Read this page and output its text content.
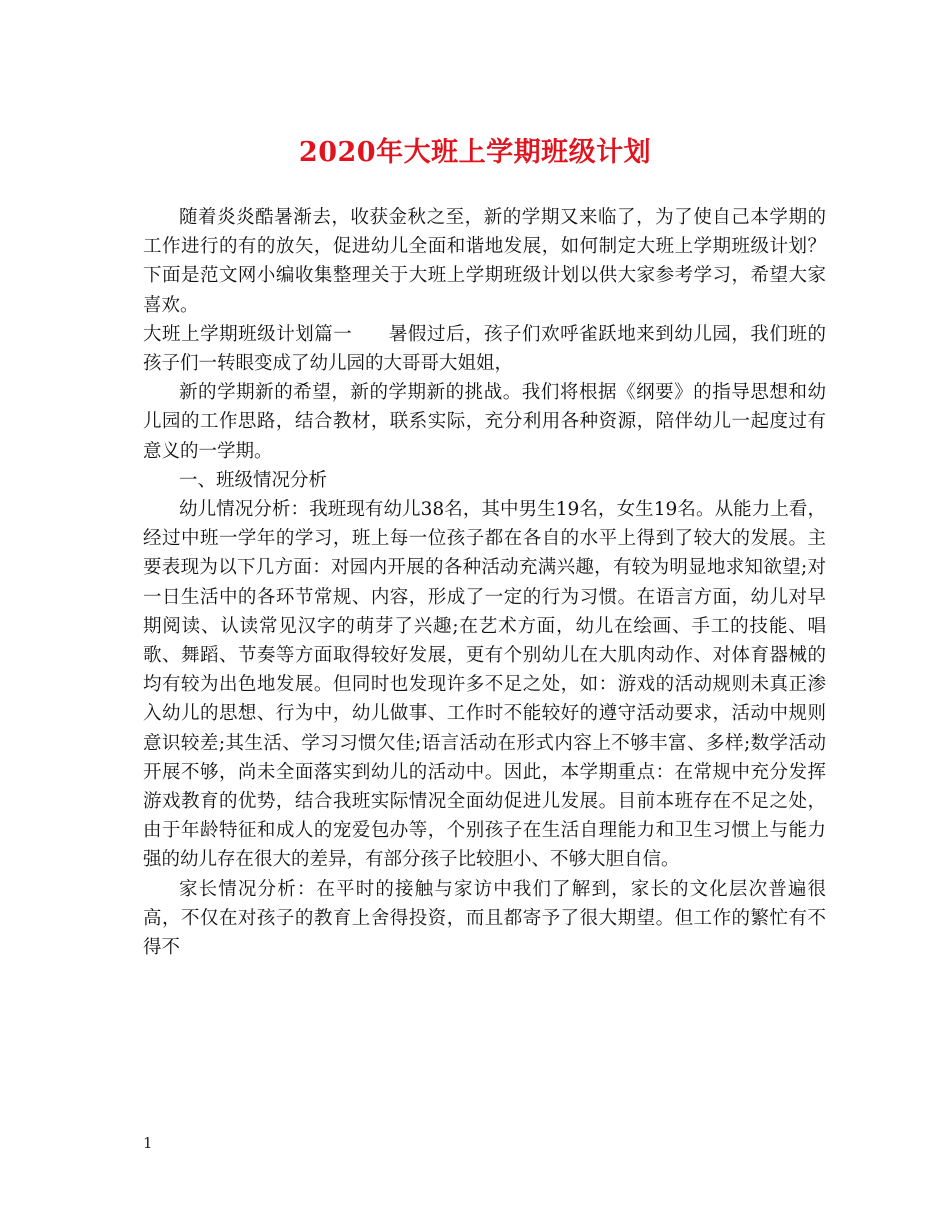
2020年大班上学期班级计划

随着炎炎酷暑渐去，收获金秋之至，新的学期又来临了，为了使自己本学期的工作进行的有的放矢，促进幼儿全面和谐地发展，如何制定大班上学期班级计划？下面是范文网小编收集整理关于大班上学期班级计划以供大家参考学习，希望大家喜欢。

大班上学期班级计划篇一 暑假过后，孩子们欢呼雀跃地来到幼儿园，我们班的孩子们一转眼变成了幼儿园的大哥哥大姐姐，

新的学期新的希望，新的学期新的挑战。我们将根据《纲要》的指导思想和幼儿园的工作思路，结合教材，联系实际，充分利用各种资源，陪伴幼儿一起度过有意义的一学期。

一、班级情况分析

幼儿情况分析：我班现有幼儿38名，其中男生19名，女生19名。从能力上看，经过中班一学年的学习，班上每一位孩子都在各自的水平上得到了较大的发展。主要表现为以下几方面：对园内开展的各种活动充满兴趣，有较为明显地求知欲望;对一日生活中的各环节常规、内容，形成了一定的行为习惯。在语言方面，幼儿对早期阅读、认读常见汉字的萌芽了兴趣;在艺术方面，幼儿在绘画、手工的技能、唱歌、舞蹈、节奏等方面取得较好发展，更有个别幼儿在大肌肉动作、对体育器械的均有较为出色地发展。但同时也发现许多不足之处，如：游戏的活动规则未真正渗入幼儿的思想、行为中，幼儿做事、工作时不能较好的遵守活动要求，活动中规则意识较差;其生活、学习习惯欠佳;语言活动在形式内容上不够丰富、多样;数学活动开展不够，尚未全面落实到幼儿的活动中。因此，本学期重点：在常规中充分发挥游戏教育的优势，结合我班实际情况全面幼促进儿发展。目前本班存在不足之处，由于年龄特征和成人的宠爱包办等，个别孩子在生活自理能力和卫生习惯上与能力强的幼儿存在很大的差异，有部分孩子比较胆小、不够大胆自信。

家长情况分析：在平时的接触与家访中我们了解到，家长的文化层次普遍很高，不仅在对孩子的教育上舍得投资，而且都寄予了很大期望。但工作的繁忙有不得不

1
